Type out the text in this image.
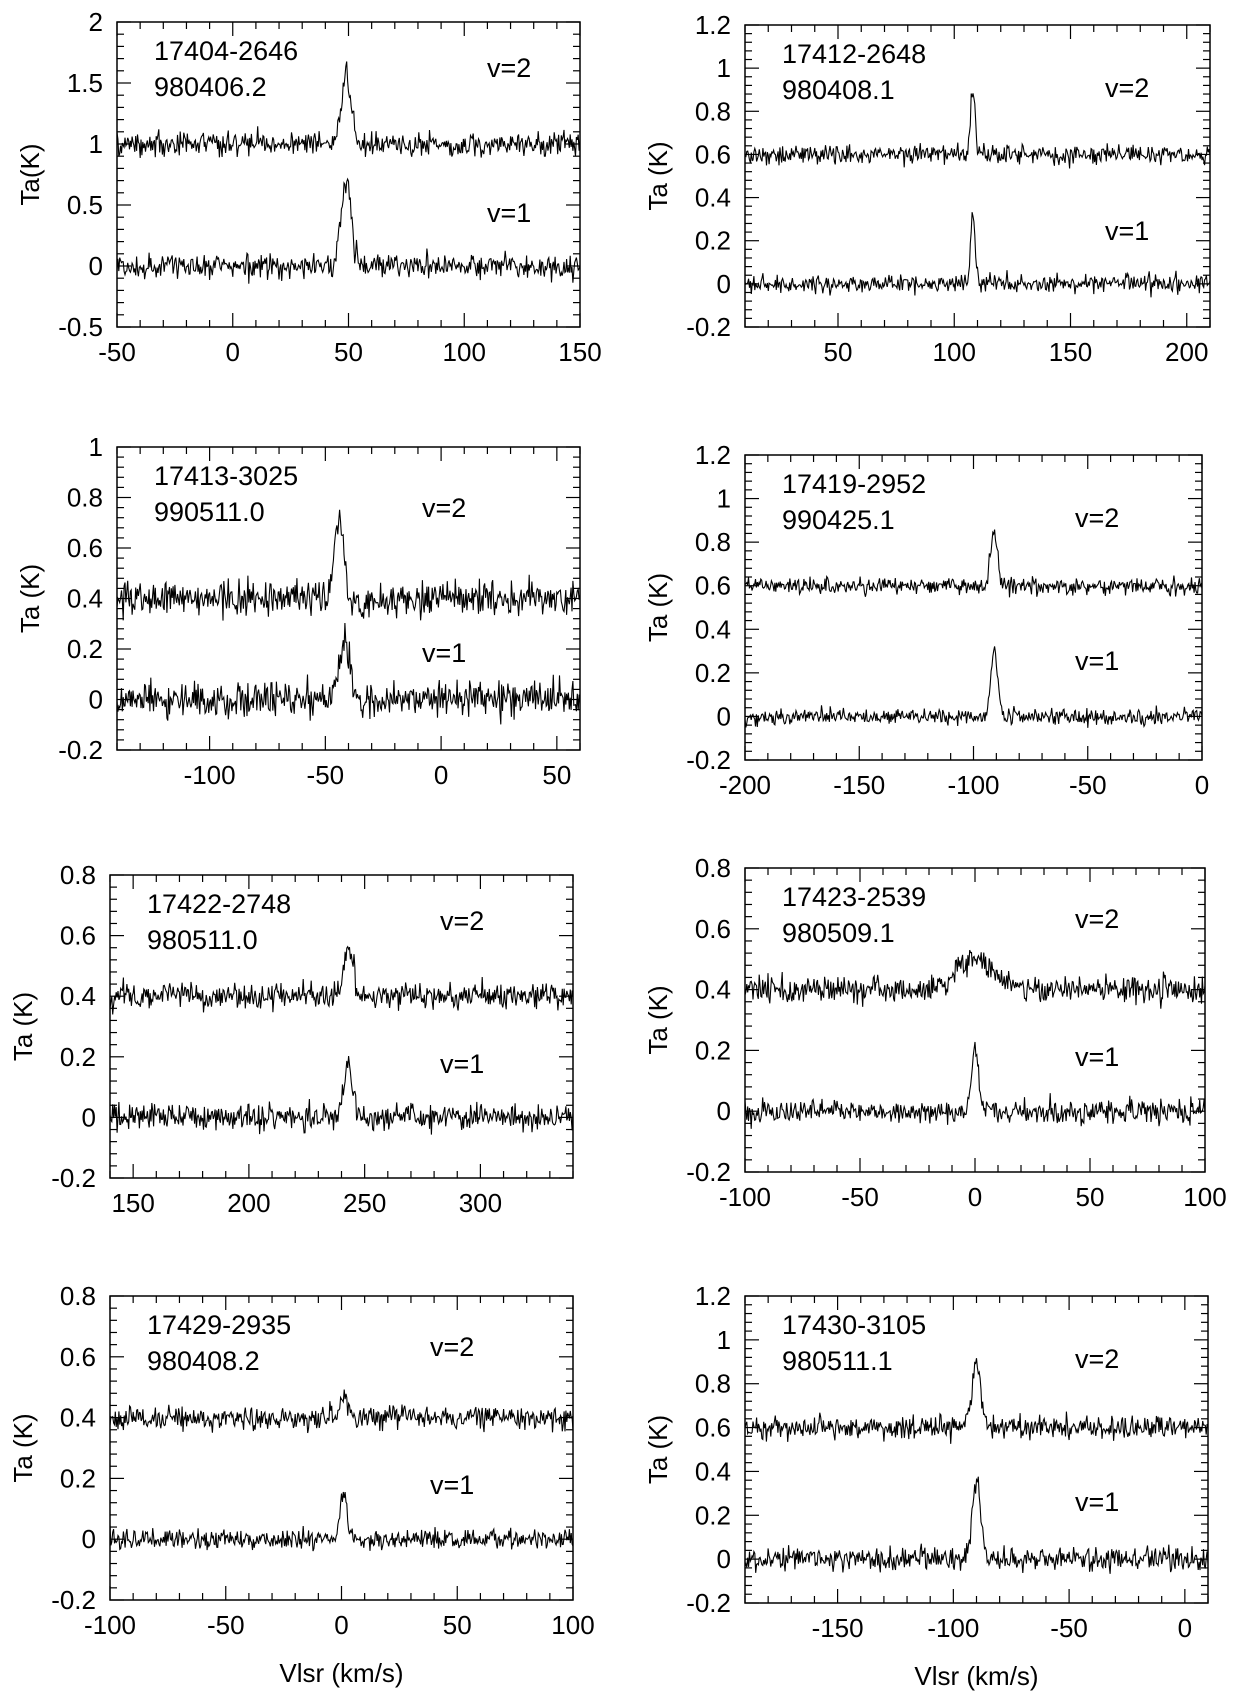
-50	0	50	100	150
-0.5
0
0.5
1
1.5
2
Ta(K)
17404-2646
980406.2
v=2
v=1
50	100	150	200
-0.2
0
0.2
0.4
0.6
0.8
1
1.2
Ta (K)
17412-2648
980408.1	v=2
v=1
-100	-50	0	50
-0.2
0
0.2
0.4
0.6
0.8
1
Ta (K)
17413-3025
990511.0	v=2
v=1
-200 -150 -100	-50	0
-0.2
0
0.2
0.4
0.6
0.8
1
1.2
Ta (K)
17419-2952
990425.1	v=2
v=1
150	200	250	300
-0.2
0
0.2
0.4
0.6
0.8
Ta (K)
17422-2748
980511.0
v=2
v=1
-100	-50	0	50	100
-0.2
0
0.2
0.4
0.6
0.8
Ta (K)
17423-2539
980509.1	v=2
v=1
-100	-50	0	50	100
-0.2
0
0.2
0.4
0.6
0.8
Ta (K)
Vlsr (km/s)
17429-2935
980408.2	v=2
v=1
-150 -100	-50	0
-0.2
0
0.2
0.4
0.6
0.8
1
1.2
Ta (K)
Vlsr (km/s)
17430-3105
980511.1	v=2
v=1
